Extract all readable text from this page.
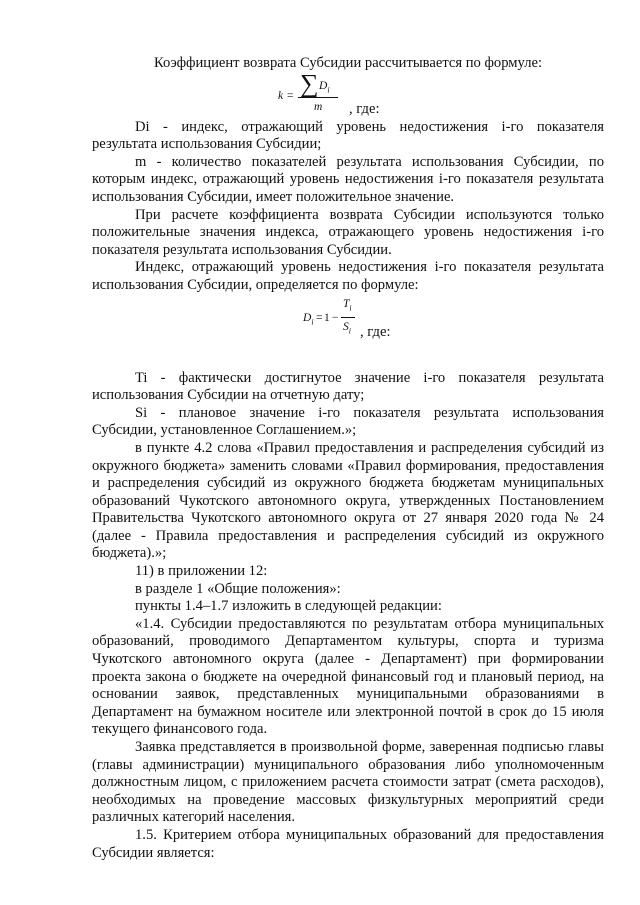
Коэффициент возврата Субсидии рассчитывается по формуле:

k = ∑ $D_i$
m , где:

Di - индекс, отражающий уровень недостижения i-го показателя результата использования Субсидии;

m - количество показателей результата использования Субсидии, по которым индекс, отражающий уровень недостижения i-го показателя результата использования Субсидии, имеет положительное значение.

При расчете коэффициента возврата Субсидии используются только положительные значения индекса, отражающего уровень недостижения i-го показателя результата использования Субсидии.

Индекс, отражающий уровень недостижения i-го показателя результата использования Субсидии, определяется по формуле:

$D_i = 1$ −
$T_i$
$S_i$ , где:

Ti - фактически достигнутое значение i-го показателя результата использования Субсидии на отчетную дату;

Si - плановое значение i-го показателя результата использования Субсидии, установленное Соглашением.»;

в пункте 4.2 слова «Правил предоставления и распределения субсидий из окружного бюджета» заменить словами «Правил формирования, предоставления и распределения субсидий из окружного бюджета бюджетам муниципальных образований Чукотского автономного округа, утвержденных Постановлением Правительства Чукотского автономного округа от 27 января 2020 года № 24 (далее - Правила предоставления и распределения субсидий из окружного бюджета).»;

11) в приложении 12:

в разделе 1 «Общие положения»:

пункты 1.4–1.7 изложить в следующей редакции:

«1.4. Субсидии предоставляются по результатам отбора муниципальных образований, проводимого Департаментом культуры, спорта и туризма Чукотского автономного округа (далее - Департамент) при формировании проекта закона о бюджете на очередной финансовый год и плановый период, на основании заявок, представленных муниципальными образованиями в Департамент на бумажном носителе или электронной почтой в срок до 15 июля текущего финансового года.

Заявка представляется в произвольной форме, заверенная подписью главы (главы администрации) муниципального образования либо уполномоченным должностным лицом, с приложением расчета стоимости затрат (смета расходов), необходимых на проведение массовых физкультурных мероприятий среди различных категорий населения.

1.5. Критерием отбора муниципальных образований для предоставления Субсидии является:
